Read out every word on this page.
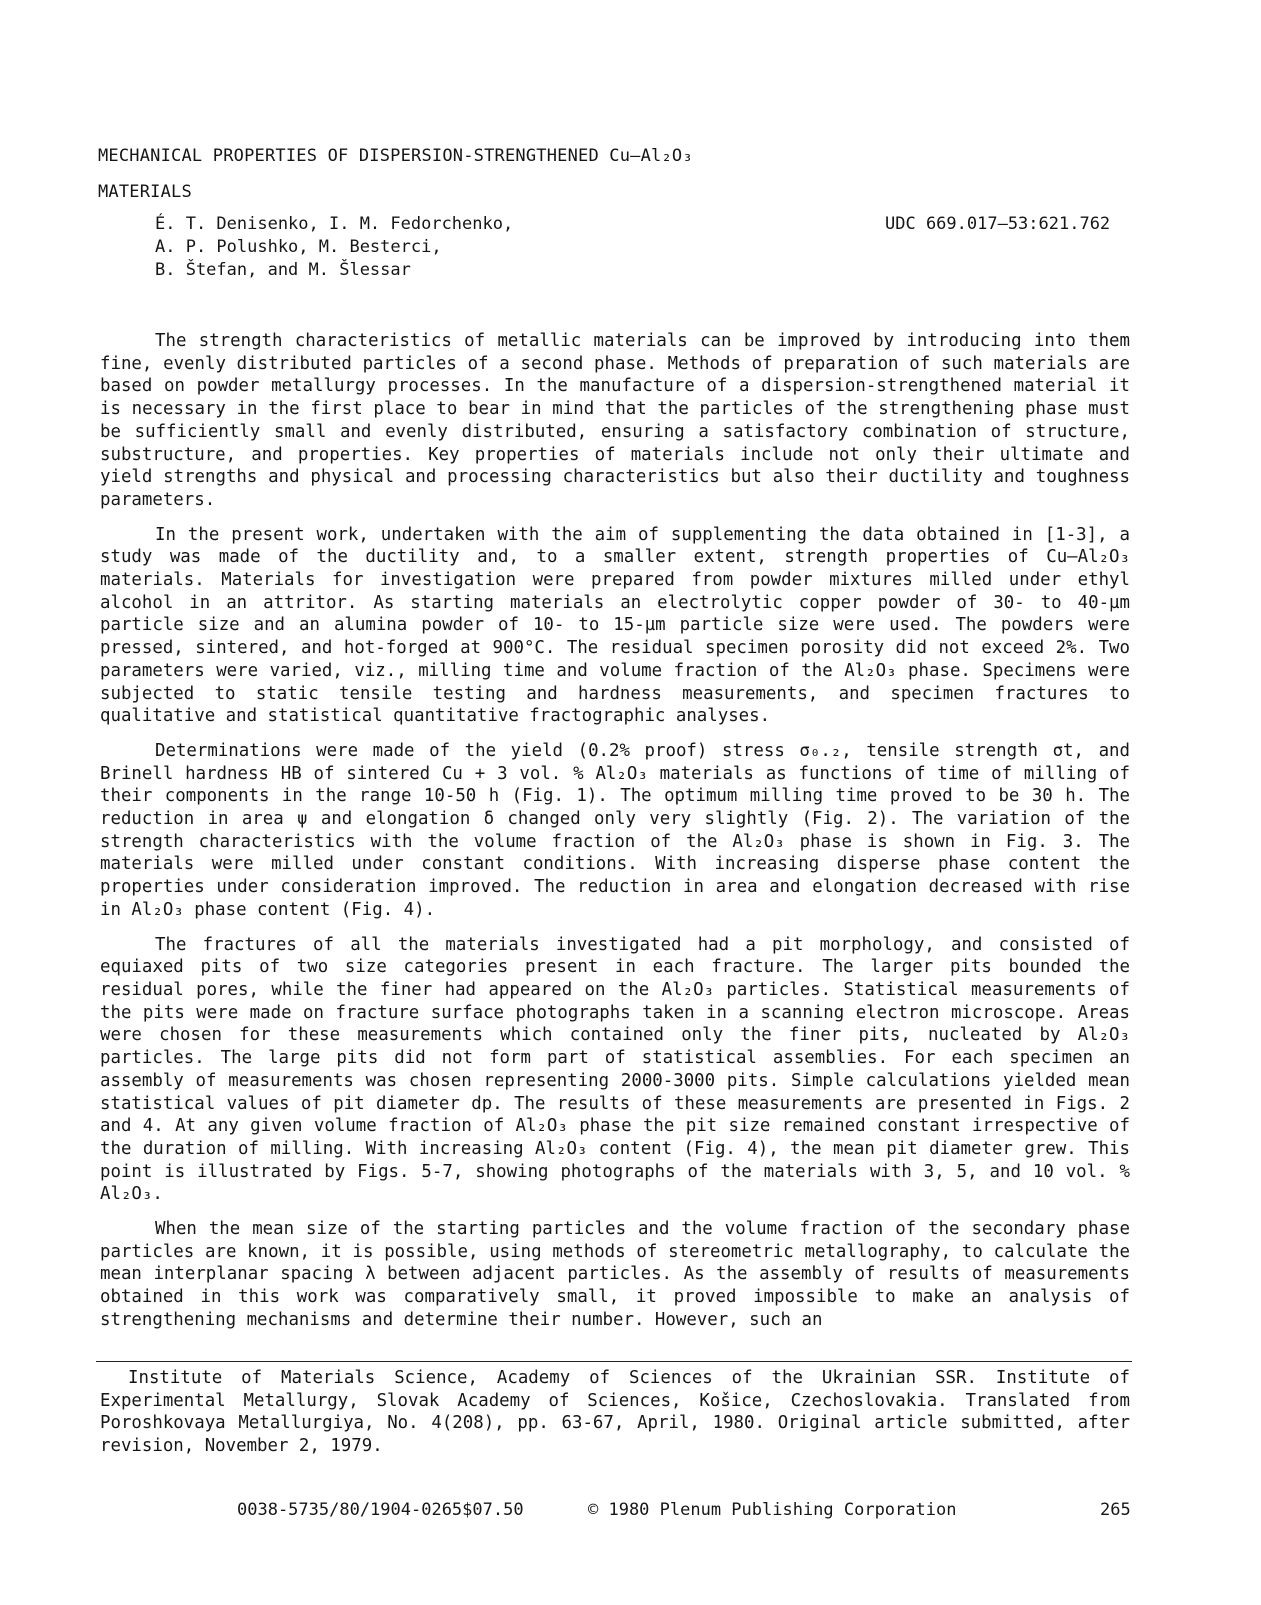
MECHANICAL PROPERTIES OF DISPERSION-STRENGTHENED Cu—Al₂O₃
MATERIALS
É. T. Denisenko, I. M. Fedorchenko,
A. P. Polushko, M. Besterci,
B. Štefan, and M. Šlessar
UDC 669.017—53:621.762

The strength characteristics of metallic materials can be improved by introducing into them fine, evenly distributed particles of a second phase. Methods of preparation of such materials are based on powder metallurgy processes. In the manufacture of a dispersion-strengthened material it is necessary in the first place to bear in mind that the particles of the strengthening phase must be sufficiently small and evenly distributed, ensuring a satisfactory combination of structure, substructure, and properties. Key properties of materials include not only their ultimate and yield strengths and physical and processing characteristics but also their ductility and toughness parameters.

In the present work, undertaken with the aim of supplementing the data obtained in [1-3], a study was made of the ductility and, to a smaller extent, strength properties of Cu—Al₂O₃ materials. Materials for investigation were prepared from powder mixtures milled under ethyl alcohol in an attritor. As starting materials an electrolytic copper powder of 30- to 40-µm particle size and an alumina powder of 10- to 15-µm particle size were used. The powders were pressed, sintered, and hot-forged at 900°C. The residual specimen porosity did not exceed 2%. Two parameters were varied, viz., milling time and volume fraction of the Al₂O₃ phase. Specimens were subjected to static tensile testing and hardness measurements, and specimen fractures to qualitative and statistical quantitative fractographic analyses.

Determinations were made of the yield (0.2% proof) stress σ₀.₂, tensile strength σt, and Brinell hardness HB of sintered Cu + 3 vol. % Al₂O₃ materials as functions of time of milling of their components in the range 10-50 h (Fig. 1). The optimum milling time proved to be 30 h. The reduction in area ψ and elongation δ changed only very slightly (Fig. 2). The variation of the strength characteristics with the volume fraction of the Al₂O₃ phase is shown in Fig. 3. The materials were milled under constant conditions. With increasing disperse phase content the properties under consideration improved. The reduction in area and elongation decreased with rise in Al₂O₃ phase content (Fig. 4).

The fractures of all the materials investigated had a pit morphology, and consisted of equiaxed pits of two size categories present in each fracture. The larger pits bounded the residual pores, while the finer had appeared on the Al₂O₃ particles. Statistical measurements of the pits were made on fracture surface photographs taken in a scanning electron microscope. Areas were chosen for these measurements which contained only the finer pits, nucleated by Al₂O₃ particles. The large pits did not form part of statistical assemblies. For each specimen an assembly of measurements was chosen representing 2000-3000 pits. Simple calculations yielded mean statistical values of pit diameter dp. The results of these measurements are presented in Figs. 2 and 4. At any given volume fraction of Al₂O₃ phase the pit size remained constant irrespective of the duration of milling. With increasing Al₂O₃ content (Fig. 4), the mean pit diameter grew. This point is illustrated by Figs. 5-7, showing photographs of the materials with 3, 5, and 10 vol. % Al₂O₃.

When the mean size of the starting particles and the volume fraction of the secondary phase particles are known, it is possible, using methods of stereometric metallography, to calculate the mean interplanar spacing λ between adjacent particles. As the assembly of results of measurements obtained in this work was comparatively small, it proved impossible to make an analysis of strengthening mechanisms and determine their number. However, such an

Institute of Materials Science, Academy of Sciences of the Ukrainian SSR. Institute of Experimental Metallurgy, Slovak Academy of Sciences, Košice, Czechoslovakia. Translated from Poroshkovaya Metallurgiya, No. 4(208), pp. 63-67, April, 1980. Original article submitted, after revision, November 2, 1979.

0038-5735/80/1904-0265$07.50	© 1980 Plenum Publishing Corporation	265
